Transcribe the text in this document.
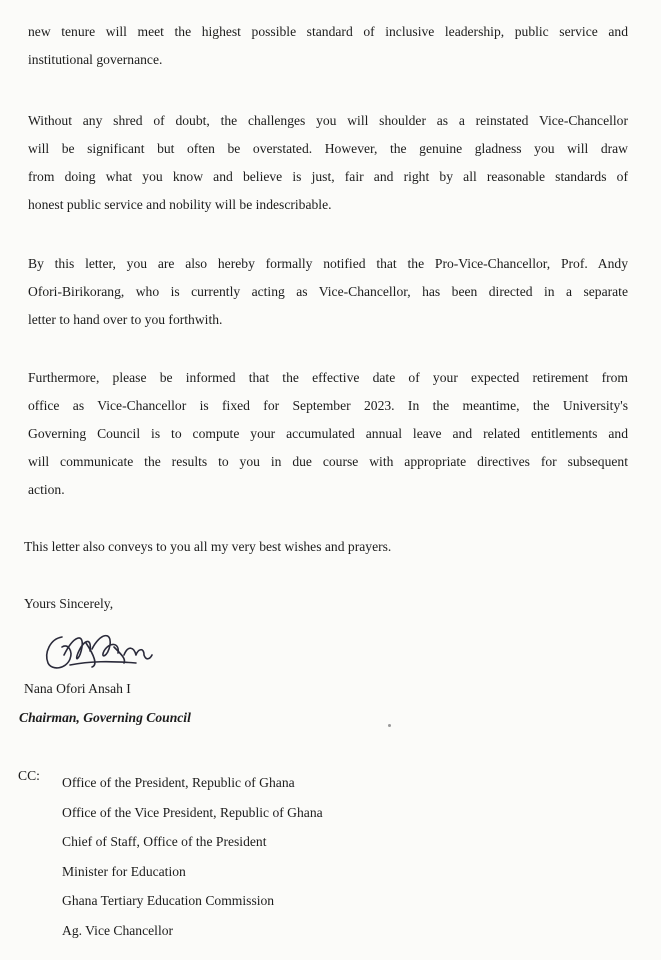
new tenure will meet the highest possible standard of inclusive leadership, public service and
institutional governance.
Without any shred of doubt, the challenges you will shoulder as a reinstated Vice-Chancellor
will be significant but often be overstated. However, the genuine gladness you will draw
from doing what you know and believe is just, fair and right by all reasonable standards of
honest public service and nobility will be indescribable.
By this letter, you are also hereby formally notified that the Pro-Vice-Chancellor, Prof. Andy
Ofori-Birikorang, who is currently acting as Vice-Chancellor, has been directed in a separate
letter to hand over to you forthwith.
Furthermore, please be informed that the effective date of your expected retirement from
office as Vice-Chancellor is fixed for September 2023. In the meantime, the University's
Governing Council is to compute your accumulated annual leave and related entitlements and
will communicate the results to you in due course with appropriate directives for subsequent
action.
This letter also conveys to you all my very best wishes and prayers.
Yours Sincerely,
Nana Ofori Ansah I
Chairman, Governing Council
CC: Office of the President, Republic of Ghana
Office of the Vice President, Republic of Ghana
Chief of Staff, Office of the President
Minister for Education
Ghana Tertiary Education Commission
Ag. Vice Chancellor
